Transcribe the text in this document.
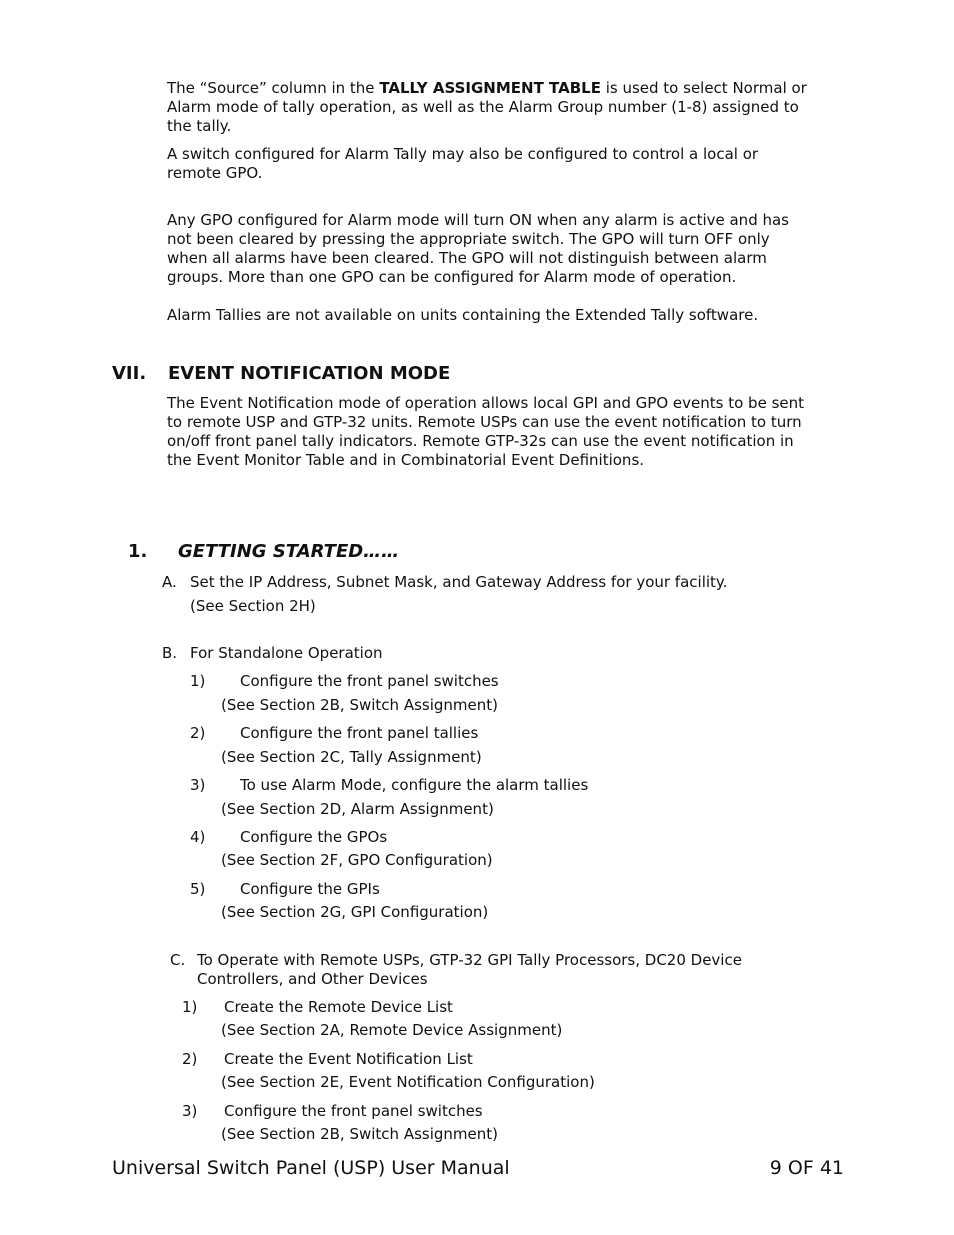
The “Source” column in the TALLY ASSIGNMENT TABLE is used to select Normal or
Alarm mode of tally operation, as well as the Alarm Group number (1-8) assigned to
the tally.
A switch configured for Alarm Tally may also be configured to control a local or
remote GPO.
Any GPO configured for Alarm mode will turn ON when any alarm is active and has
not been cleared by pressing the appropriate switch. The GPO will turn OFF only
when all alarms have been cleared. The GPO will not distinguish between alarm
groups. More than one GPO can be configured for Alarm mode of operation.
Alarm Tallies are not available on units containing the Extended Tally software.
VII. EVENT NOTIFICATION MODE
The Event Notification mode of operation allows local GPI and GPO events to be sent
to remote USP and GTP-32 units. Remote USPs can use the event notification to turn
on/off front panel tally indicators. Remote GTP-32s can use the event notification in
the Event Monitor Table and in Combinatorial Event Definitions.
1. GETTING STARTED……
A. Set the IP Address, Subnet Mask, and Gateway Address for your facility.
(See Section 2H)
B. For Standalone Operation
1) Configure the front panel switches
(See Section 2B, Switch Assignment)
2) Configure the front panel tallies
(See Section 2C, Tally Assignment)
3) To use Alarm Mode, configure the alarm tallies
(See Section 2D, Alarm Assignment)
4) Configure the GPOs
(See Section 2F, GPO Configuration)
5) Configure the GPIs
(See Section 2G, GPI Configuration)
C. To Operate with Remote USPs, GTP-32 GPI Tally Processors, DC20 Device
Controllers, and Other Devices
1) Create the Remote Device List
(See Section 2A, Remote Device Assignment)
2) Create the Event Notification List
(See Section 2E, Event Notification Configuration)
3) Configure the front panel switches
(See Section 2B, Switch Assignment)
Universal Switch Panel (USP) User Manual	9 OF 41
